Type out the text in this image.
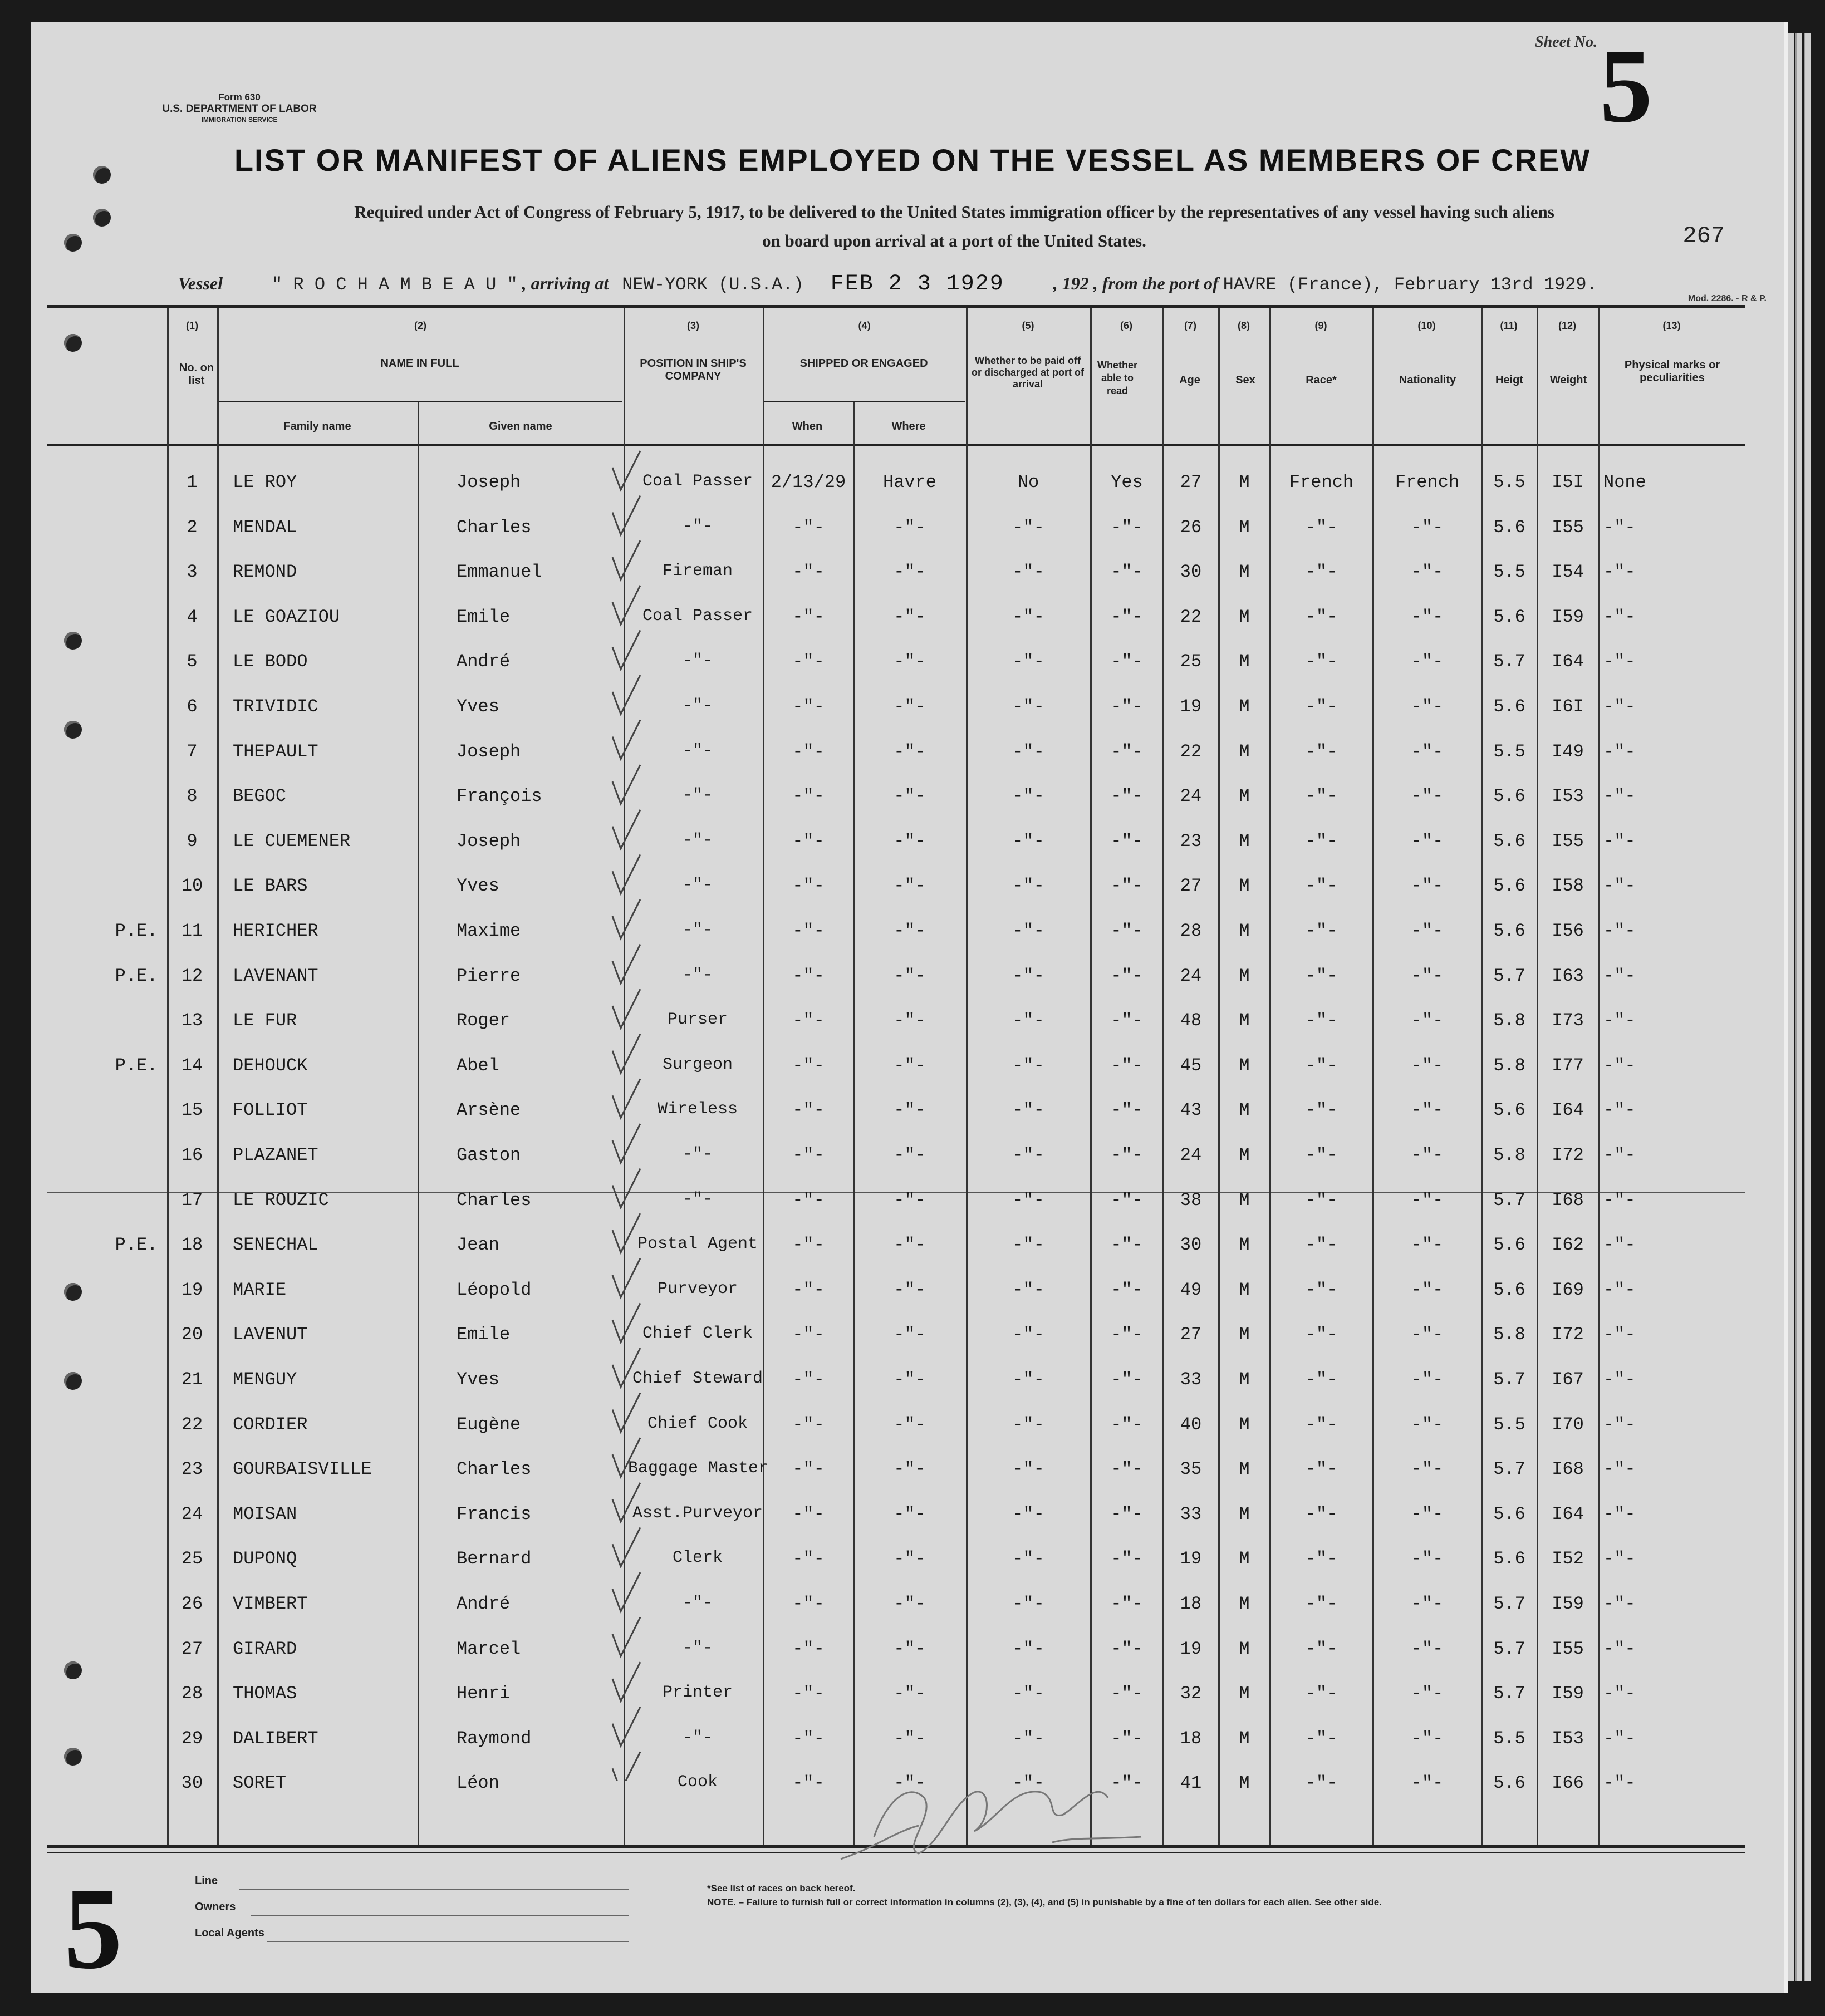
Form 630
U.S. DEPARTMENT OF LABOR
IMMIGRATION SERVICE
Sheet No. 5
LIST OR MANIFEST OF ALIENS EMPLOYED ON THE VESSEL AS MEMBERS OF CREW
Required under Act of Congress of February 5, 1917, to be delivered to the United States immigration officer by the representatives of any vessel having such aliens
on board upon arrival at a port of the United States.	267
Vessel	" R O C H A M B E A U " , arriving at NEW-YORK (U.S.A.) FEB 2 3 1929	, 192 , from the port of HAVRE (France), February 13rd 1929.
Mod. 2286. - R & P.
(1)	(2)	(3)	(4)	(5)	(6)	(7)	(8)	(9)	(10)	(11)	(12)	(13)
No. on list
NAME IN FULL
Family name	Given name
POSITION IN SHIP'S COMPANY
SHIPPED OR ENGAGED
When	Where
Whether to be paid off or discharged at port of arrival
Whether able to read
Age	Sex	Race*	Nationality	Heigt	Weight
Physical marks or peculiarities
1	LE ROY	Joseph	Coal Passer	2/13/29	Havre	No	Yes	27	M	French	French	5.5	I5I	None
2	MENDAL	Charles	-"-	-"-	-"-	-"-	-"-	26	M	-"-	-"-	5.6	I55	-"-
3	REMOND	Emmanuel	Fireman	-"-	-"-	-"-	-"-	30	M	-"-	-"-	5.5	I54	-"-
4	LE GOAZIOU	Emile	Coal Passer	-"-	-"-	-"-	-"-	22	M	-"-	-"-	5.6	I59	-"-
5	LE BODO	André	-"-	-"-	-"-	-"-	-"-	25	M	-"-	-"-	5.7	I64	-"-
6	TRIVIDIC	Yves	-"-	-"-	-"-	-"-	-"-	19	M	-"-	-"-	5.6	I6I	-"-
7	THEPAULT	Joseph	-"-	-"-	-"-	-"-	-"-	22	M	-"-	-"-	5.5	I49	-"-
8	BEGOC	François	-"-	-"-	-"-	-"-	-"-	24	M	-"-	-"-	5.6	I53	-"-
9	LE CUEMENER	Joseph	-"-	-"-	-"-	-"-	-"-	23	M	-"-	-"-	5.6	I55	-"-
10	LE BARS	Yves	-"-	-"-	-"-	-"-	-"-	27	M	-"-	-"-	5.6	I58	-"-
P.E.	11	HERICHER	Maxime	-"-	-"-	-"-	-"-	-"-	28	M	-"-	-"-	5.6	I56	-"-
P.E.	12	LAVENANT	Pierre	-"-	-"-	-"-	-"-	-"-	24	M	-"-	-"-	5.7	I63	-"-
13	LE FUR	Roger	Purser	-"-	-"-	-"-	-"-	48	M	-"-	-"-	5.8	I73	-"-
P.E.	14	DEHOUCK	Abel	Surgeon	-"-	-"-	-"-	-"-	45	M	-"-	-"-	5.8	I77	-"-
15	FOLLIOT	Arsène	Wireless	-"-	-"-	-"-	-"-	43	M	-"-	-"-	5.6	I64	-"-
16	PLAZANET	Gaston	-"-	-"-	-"-	-"-	-"-	24	M	-"-	-"-	5.8	I72	-"-
17	LE ROUZIC	Charles	-"-	-"-	-"-	-"-	-"-	38	M	-"-	-"-	5.7	I68	-"-
P.E.	18	SENECHAL	Jean	Postal Agent	-"-	-"-	-"-	-"-	30	M	-"-	-"-	5.6	I62	-"-
19	MARIE	Léopold	Purveyor	-"-	-"-	-"-	-"-	49	M	-"-	-"-	5.6	I69	-"-
20	LAVENUT	Emile	Chief Clerk	-"-	-"-	-"-	-"-	27	M	-"-	-"-	5.8	I72	-"-
21	MENGUY	Yves	Chief Steward	-"-	-"-	-"-	-"-	33	M	-"-	-"-	5.7	I67	-"-
22	CORDIER	Eugène	Chief Cook	-"-	-"-	-"-	-"-	40	M	-"-	-"-	5.5	I70	-"-
23	GOURBAISVILLE	Charles	Baggage Master	-"-	-"-	-"-	-"-	35	M	-"-	-"-	5.7	I68	-"-
24	MOISAN	Francis	Asst.Purveyor	-"-	-"-	-"-	-"-	33	M	-"-	-"-	5.6	I64	-"-
25	DUPONQ	Bernard	Clerk	-"-	-"-	-"-	-"-	19	M	-"-	-"-	5.6	I52	-"-
26	VIMBERT	André	-"-	-"-	-"-	-"-	-"-	18	M	-"-	-"-	5.7	I59	-"-
27	GIRARD	Marcel	-"-	-"-	-"-	-"-	-"-	19	M	-"-	-"-	5.7	I55	-"-
28	THOMAS	Henri	Printer	-"-	-"-	-"-	-"-	32	M	-"-	-"-	5.7	I59	-"-
29	DALIBERT	Raymond	-"-	-"-	-"-	-"-	-"-	18	M	-"-	-"-	5.5	I53	-"-
30	SORET	Léon	Cook	-"-	-"-	-"-	-"-	41	M	-"-	-"-	5.6	I66	-"-
Line
Owners
Local Agents
*See list of races on back hereof.
NOTE. – Failure to furnish full or correct information in columns (2), (3), (4), and (5) in punishable by a fine of ten dollars for each alien. See other side.
5
